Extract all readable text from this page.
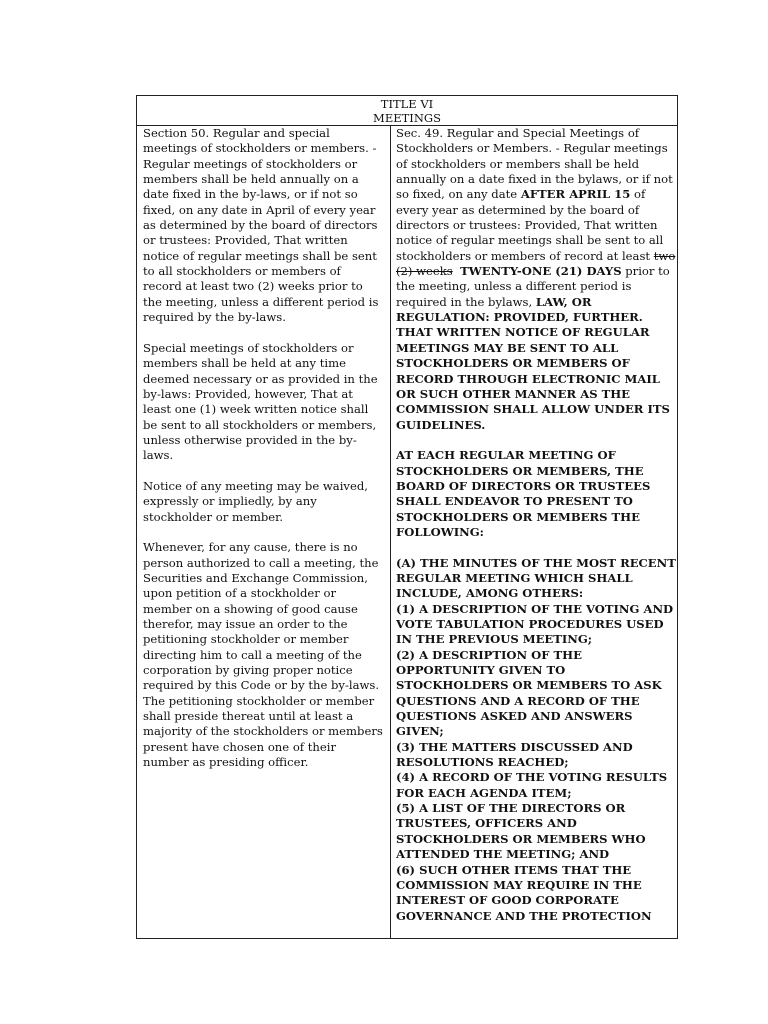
TITLE VI
MEETINGS

Section 50. Regular and special meetings of stockholders or members. - Regular meetings of stockholders or members shall be held annually on a date fixed in the by-laws, or if not so fixed, on any date in April of every year as determined by the board of directors or trustees: Provided, That written notice of regular meetings shall be sent to all stockholders or members of record at least two (2) weeks prior to the meeting, unless a different period is required by the by-laws.

Special meetings of stockholders or members shall be held at any time deemed necessary or as provided in the by-laws: Provided, however, That at least one (1) week written notice shall be sent to all stockholders or members, unless otherwise provided in the by-laws.

Notice of any meeting may be waived, expressly or impliedly, by any stockholder or member.

Whenever, for any cause, there is no person authorized to call a meeting, the Securities and Exchange Commission, upon petition of a stockholder or member on a showing of good cause therefor, may issue an order to the petitioning stockholder or member directing him to call a meeting of the corporation by giving proper notice required by this Code or by the by-laws. The petitioning stockholder or member shall preside thereat until at least a majority of the stockholders or members present have chosen one of their number as presiding officer.

Sec. 49. Regular and Special Meetings of Stockholders or Members. - Regular meetings of stockholders or members shall be held annually on a date fixed in the bylaws, or if not so fixed, on any date AFTER APRIL 15 of every year as determined by the board of directors or trustees: Provided, That written notice of regular meetings shall be sent to all stockholders or members of record at least two (2) weeks TWENTY-ONE (21) DAYS prior to the meeting, unless a different period is required in the bylaws, LAW, OR REGULATION: PROVIDED, FURTHER. THAT WRITTEN NOTICE OF REGULAR MEETINGS MAY BE SENT TO ALL STOCKHOLDERS OR MEMBERS OF RECORD THROUGH ELECTRONIC MAIL OR SUCH OTHER MANNER AS THE COMMISSION SHALL ALLOW UNDER ITS GUIDELINES.

AT EACH REGULAR MEETING OF STOCKHOLDERS OR MEMBERS, THE BOARD OF DIRECTORS OR TRUSTEES SHALL ENDEAVOR TO PRESENT TO STOCKHOLDERS OR MEMBERS THE FOLLOWING:

(A) THE MINUTES OF THE MOST RECENT REGULAR MEETING WHICH SHALL INCLUDE, AMONG OTHERS:
(1) A DESCRIPTION OF THE VOTING AND VOTE TABULATION PROCEDURES USED IN THE PREVIOUS MEETING;
(2) A DESCRIPTION OF THE OPPORTUNITY GIVEN TO STOCKHOLDERS OR MEMBERS TO ASK QUESTIONS AND A RECORD OF THE QUESTIONS ASKED AND ANSWERS GIVEN;
(3) THE MATTERS DISCUSSED AND RESOLUTIONS REACHED;
(4) A RECORD OF THE VOTING RESULTS FOR EACH AGENDA ITEM;
(5) A LIST OF THE DIRECTORS OR TRUSTEES, OFFICERS AND STOCKHOLDERS OR MEMBERS WHO ATTENDED THE MEETING; AND
(6) SUCH OTHER ITEMS THAT THE COMMISSION MAY REQUIRE IN THE INTEREST OF GOOD CORPORATE GOVERNANCE AND THE PROTECTION
